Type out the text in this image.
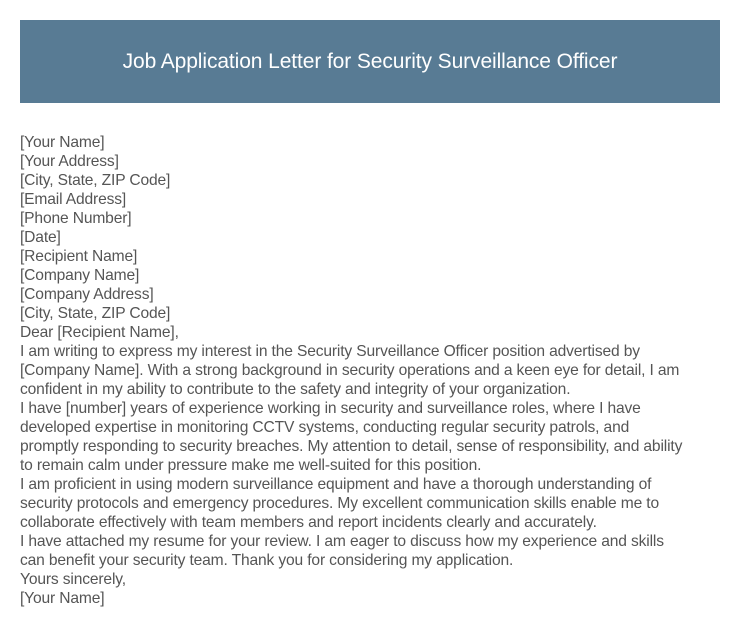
Job Application Letter for Security Surveillance Officer
[Your Name]
[Your Address]
[City, State, ZIP Code]
[Email Address]
[Phone Number]
[Date]
[Recipient Name]
[Company Name]
[Company Address]
[City, State, ZIP Code]
Dear [Recipient Name],
I am writing to express my interest in the Security Surveillance Officer position advertised by
[Company Name]. With a strong background in security operations and a keen eye for detail, I am
confident in my ability to contribute to the safety and integrity of your organization.
I have [number] years of experience working in security and surveillance roles, where I have
developed expertise in monitoring CCTV systems, conducting regular security patrols, and
promptly responding to security breaches. My attention to detail, sense of responsibility, and ability
to remain calm under pressure make me well-suited for this position.
I am proficient in using modern surveillance equipment and have a thorough understanding of
security protocols and emergency procedures. My excellent communication skills enable me to
collaborate effectively with team members and report incidents clearly and accurately.
I have attached my resume for your review. I am eager to discuss how my experience and skills
can benefit your security team. Thank you for considering my application.
Yours sincerely,
[Your Name]
